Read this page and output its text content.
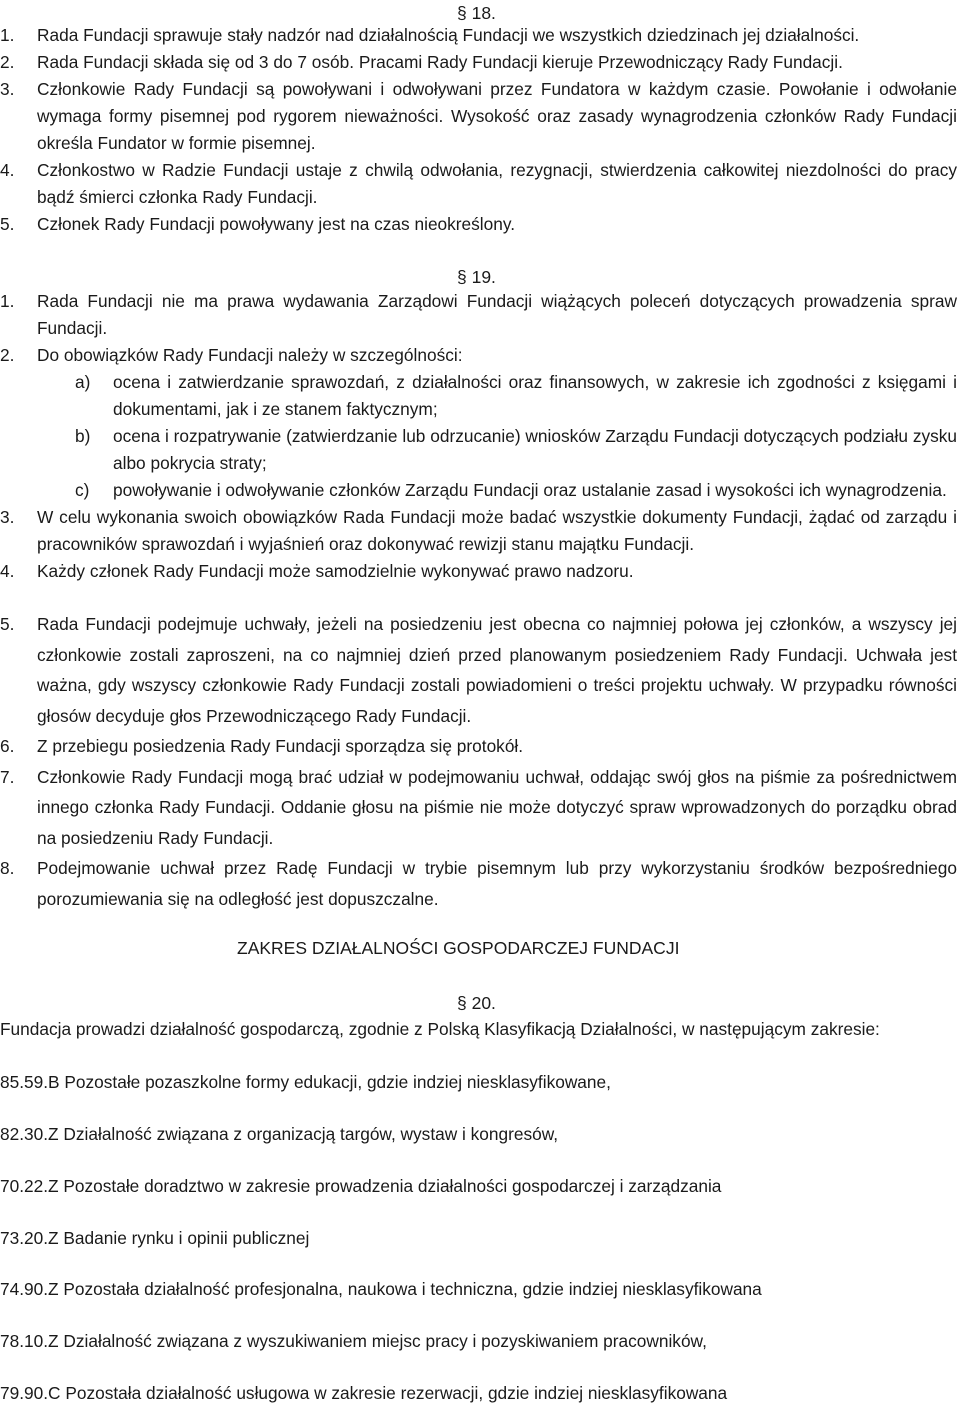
§ 18.

1. Rada Fundacji sprawuje stały nadzór nad działalnością Fundacji we wszystkich dziedzinach jej działalności.
2. Rada Fundacji składa się od 3 do 7 osób. Pracami Rady Fundacji kieruje Przewodniczący Rady Fundacji.
3. Członkowie Rady Fundacji są powoływani i odwoływani przez Fundatora w każdym czasie. Powołanie i odwołanie wymaga formy pisemnej pod rygorem nieważności. Wysokość oraz zasady wynagrodzenia członków Rady Fundacji określa Fundator w formie pisemnej.
4. Członkostwo w Radzie Fundacji ustaje z chwilą odwołania, rezygnacji, stwierdzenia całkowitej niezdolności do pracy bądź śmierci członka Rady Fundacji.
5. Członek Rady Fundacji powoływany jest na czas nieokreślony.

§ 19.

1. Rada Fundacji nie ma prawa wydawania Zarządowi Fundacji wiążących poleceń dotyczących prowadzenia spraw Fundacji.
2. Do obowiązków Rady Fundacji należy w szczególności:
a) ocena i zatwierdzanie sprawozdań, z działalności oraz finansowych, w zakresie ich zgodności z księgami i dokumentami, jak i ze stanem faktycznym;
b) ocena i rozpatrywanie (zatwierdzanie lub odrzucanie) wniosków Zarządu Fundacji dotyczących podziału zysku albo pokrycia straty;
c) powoływanie i odwoływanie członków Zarządu Fundacji oraz ustalanie zasad i wysokości ich wynagrodzenia.
3. W celu wykonania swoich obowiązków Rada Fundacji może badać wszystkie dokumenty Fundacji, żądać od zarządu i pracowników sprawozdań i wyjaśnień oraz dokonywać rewizji stanu majątku Fundacji.
4. Każdy członek Rady Fundacji może samodzielnie wykonywać prawo nadzoru.
5. Rada Fundacji podejmuje uchwały, jeżeli na posiedzeniu jest obecna co najmniej połowa jej członków, a wszyscy jej członkowie zostali zaproszeni, na co najmniej dzień przed planowanym posiedzeniem Rady Fundacji. Uchwała jest ważna, gdy wszyscy członkowie Rady Fundacji zostali powiadomieni o treści projektu uchwały. W przypadku równości głosów decyduje głos Przewodniczącego Rady Fundacji.
6. Z przebiegu posiedzenia Rady Fundacji sporządza się protokół.
7. Członkowie Rady Fundacji mogą brać udział w podejmowaniu uchwał, oddając swój głos na piśmie za pośrednictwem innego członka Rady Fundacji. Oddanie głosu na piśmie nie może dotyczyć spraw wprowadzonych do porządku obrad na posiedzeniu Rady Fundacji.
8. Podejmowanie uchwał przez Radę Fundacji w trybie pisemnym lub przy wykorzystaniu środków bezpośredniego porozumiewania się na odległość jest dopuszczalne.

ZAKRES DZIAŁALNOŚCI GOSPODARCZEJ FUNDACJI

§ 20.

Fundacja prowadzi działalność gospodarczą, zgodnie z Polską Klasyfikacją Działalności, w następującym zakresie:

85.59.B Pozostałe pozaszkolne formy edukacji, gdzie indziej niesklasyfikowane,

82.30.Z Działalność związana z organizacją targów, wystaw i kongresów,

70.22.Z Pozostałe doradztwo w zakresie prowadzenia działalności gospodarczej i zarządzania

73.20.Z Badanie rynku i opinii publicznej

74.90.Z Pozostała działalność profesjonalna, naukowa i techniczna, gdzie indziej niesklasyfikowana

78.10.Z Działalność związana z wyszukiwaniem miejsc pracy i pozyskiwaniem pracowników,

79.90.C Pozostała działalność usługowa w zakresie rezerwacji, gdzie indziej niesklasyfikowana
